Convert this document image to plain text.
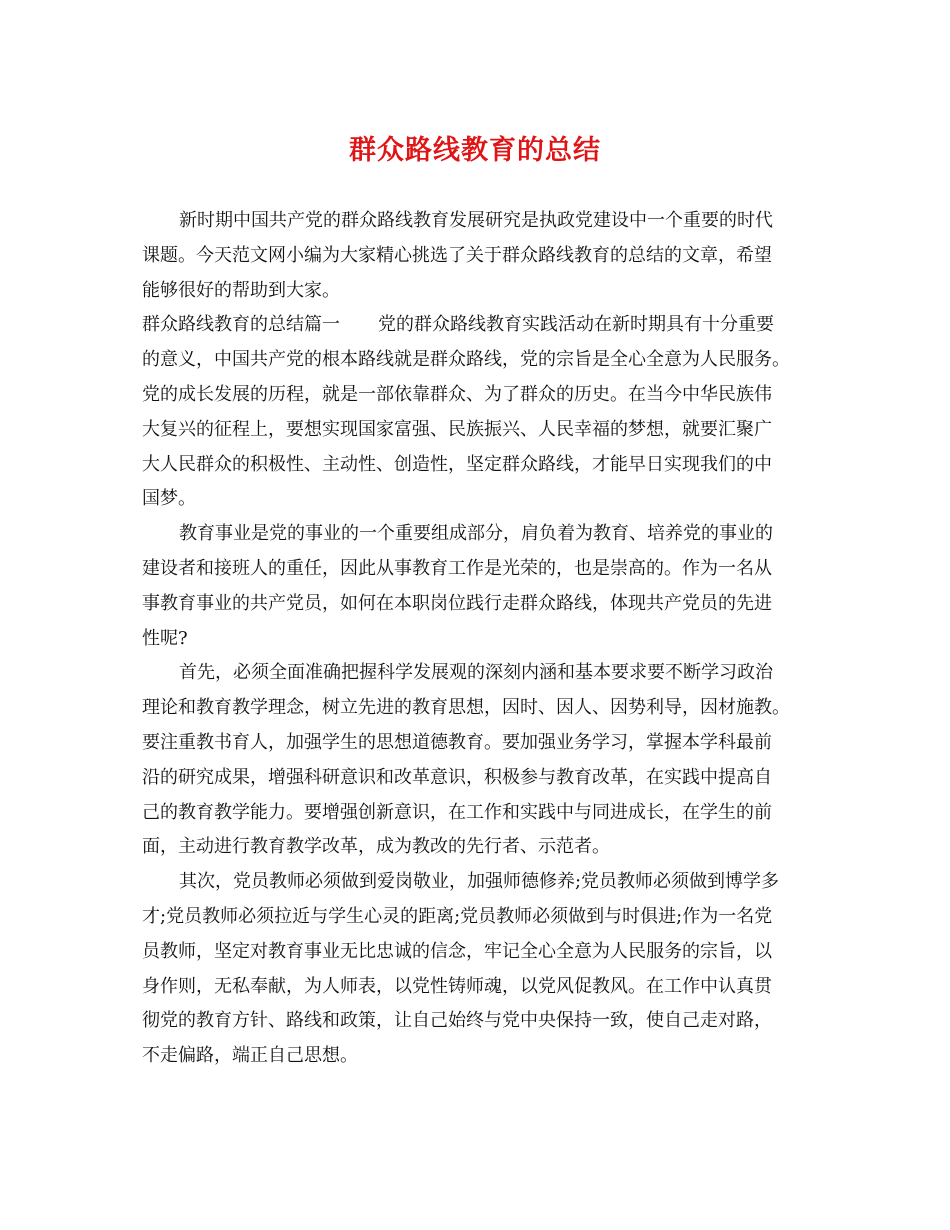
群众路线教育的总结
新时期中国共产党的群众路线教育发展研究是执政党建设中一个重要的时代
课题。今天范文网小编为大家精心挑选了关于群众路线教育的总结的文章，希望
能够很好的帮助到大家。
群众路线教育的总结篇一 党的群众路线教育实践活动在新时期具有十分重要
的意义，中国共产党的根本路线就是群众路线，党的宗旨是全心全意为人民服务。
党的成长发展的历程，就是一部依靠群众、为了群众的历史。在当今中华民族伟
大复兴的征程上，要想实现国家富强、民族振兴、人民幸福的梦想，就要汇聚广
大人民群众的积极性、主动性、创造性，坚定群众路线，才能早日实现我们的中
国梦。
教育事业是党的事业的一个重要组成部分，肩负着为教育、培养党的事业的
建设者和接班人的重任，因此从事教育工作是光荣的，也是崇高的。作为一名从
事教育事业的共产党员，如何在本职岗位践行走群众路线，体现共产党员的先进
性呢?
首先，必须全面准确把握科学发展观的深刻内涵和基本要求要不断学习政治
理论和教育教学理念，树立先进的教育思想，因时、因人、因势利导，因材施教。
要注重教书育人，加强学生的思想道德教育。要加强业务学习，掌握本学科最前
沿的研究成果，增强科研意识和改革意识，积极参与教育改革，在实践中提高自
己的教育教学能力。要增强创新意识，在工作和实践中与同进成长，在学生的前
面，主动进行教育教学改革，成为教改的先行者、示范者。
其次，党员教师必须做到爱岗敬业，加强师德修养;党员教师必须做到博学多
才;党员教师必须拉近与学生心灵的距离;党员教师必须做到与时俱进;作为一名党
员教师，坚定对教育事业无比忠诚的信念，牢记全心全意为人民服务的宗旨，以
身作则，无私奉献，为人师表，以党性铸师魂，以党风促教风。在工作中认真贯
彻党的教育方针、路线和政策，让自己始终与党中央保持一致，使自己走对路，
不走偏路，端正自己思想。
